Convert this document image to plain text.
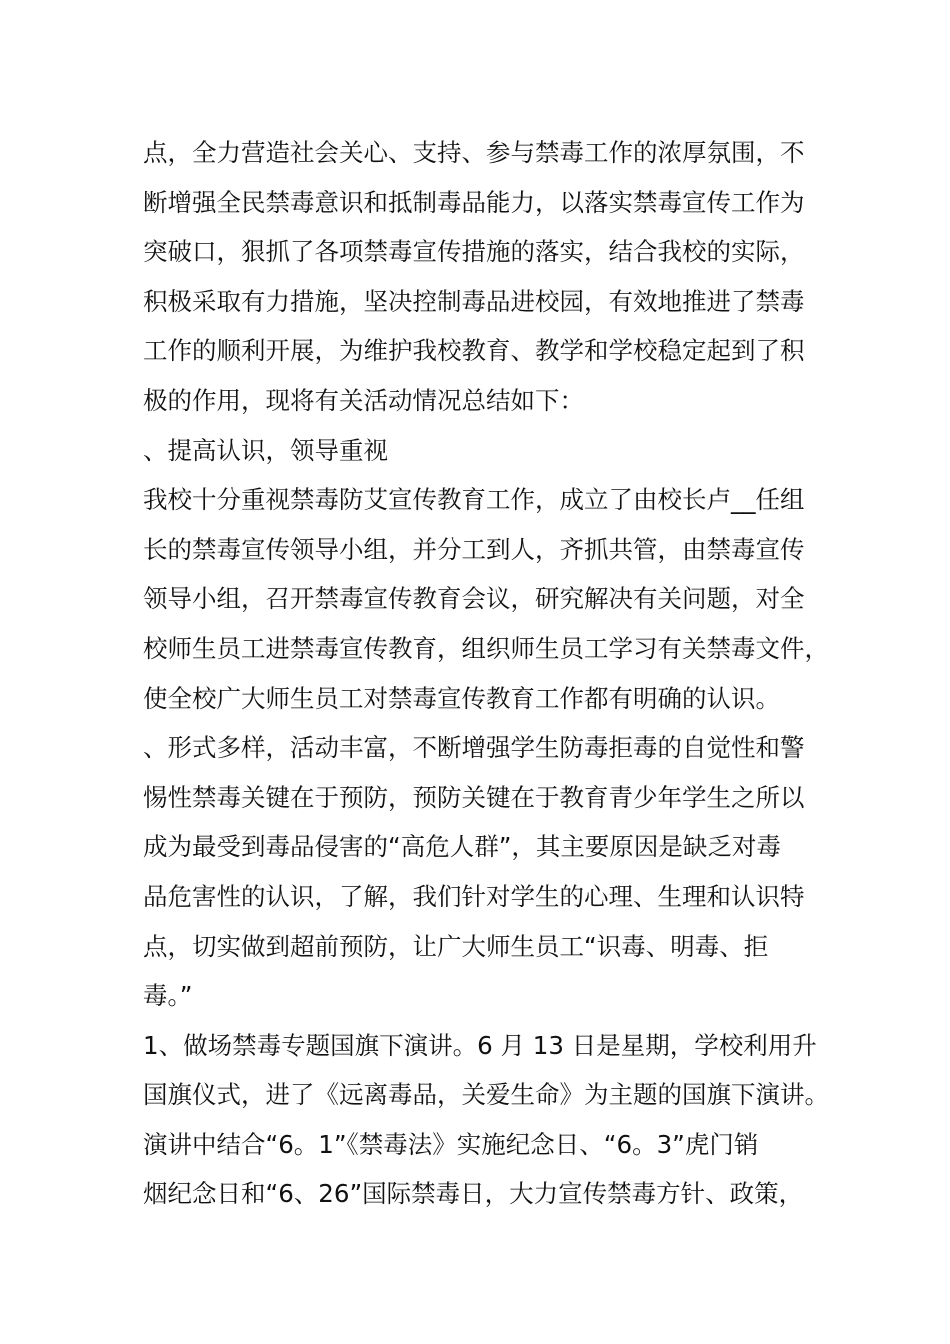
点，全力营造社会关心、支持、参与禁毒工作的浓厚氛围，不
断增强全民禁毒意识和抵制毒品能力，以落实禁毒宣传工作为
突破口，狠抓了各项禁毒宣传措施的落实，结合我校的实际，
积极采取有力措施，坚决控制毒品进校园，有效地推进了禁毒
工作的顺利开展，为维护我校教育、教学和学校稳定起到了积
极的作用，现将有关活动情况总结如下：
、提高认识，领导重视
我校十分重视禁毒防艾宣传教育工作，成立了由校长卢__任组
长的禁毒宣传领导小组，并分工到人，齐抓共管，由禁毒宣传
领导小组，召开禁毒宣传教育会议，研究解决有关问题，对全
校师生员工进禁毒宣传教育，组织师生员工学习有关禁毒文件，
使全校广大师生员工对禁毒宣传教育工作都有明确的认识。
、形式多样，活动丰富，不断增强学生防毒拒毒的自觉性和警
惕性禁毒关键在于预防，预防关键在于教育青少年学生之所以
成为最受到毒品侵害的“高危人群”，其主要原因是缺乏对毒
品危害性的认识，了解，我们针对学生的心理、生理和认识特
点，切实做到超前预防，让广大师生员工“识毒、明毒、拒
毒。”
1、做场禁毒专题国旗下演讲。6 月 13 日是星期，学校利用升
国旗仪式，进了《远离毒品，关爱生命》为主题的国旗下演讲。
演讲中结合“6。1”《禁毒法》实施纪念日、“6。3”虎门销
烟纪念日和“6、26”国际禁毒日，大力宣传禁毒方针、政策，
